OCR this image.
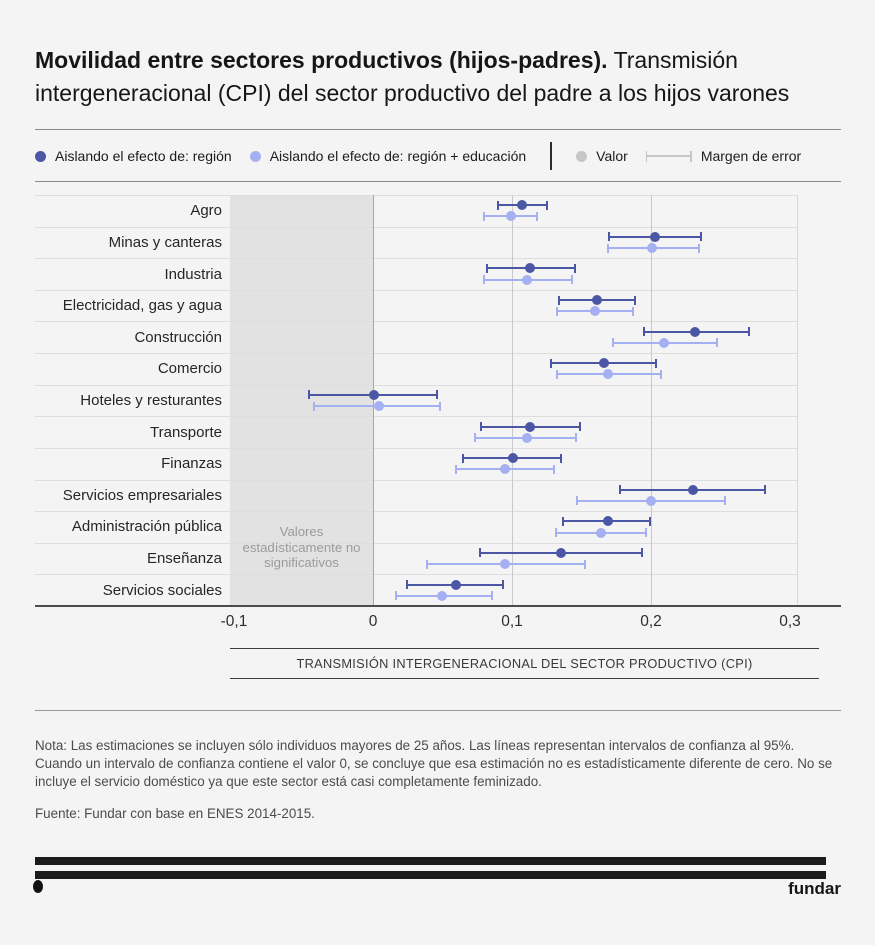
Movilidad entre sectores productivos (hijos-padres). Transmisión intergeneracional (CPI) del sector productivo del padre a los hijos varones
Aislando el efecto de: región	Aislando el efecto de: región + educación	Valor	Margen de error
Valores estadísticamente no significativos
Agro
Minas y canteras
Industria
Electricidad, gas y agua
Construcción
Comercio
Hoteles y resturantes
Transporte
Finanzas
Servicios empresariales
Administración pública
Enseñanza
Servicios sociales
-0,1	0	0,1	0,2	0,3
TRANSMISIÓN INTERGENERACIONAL DEL SECTOR PRODUCTIVO (CPI)
Nota: Las estimaciones se incluyen sólo individuos mayores de 25 años. Las líneas representan intervalos de confianza al 95%. Cuando un intervalo de confianza contiene el valor 0, se concluye que esa estimación no es estadísticamente diferente de cero. No se incluye el servicio doméstico ya que este sector está casi completamente feminizado.
Fuente: Fundar con base en ENES 2014-2015.
fundar
